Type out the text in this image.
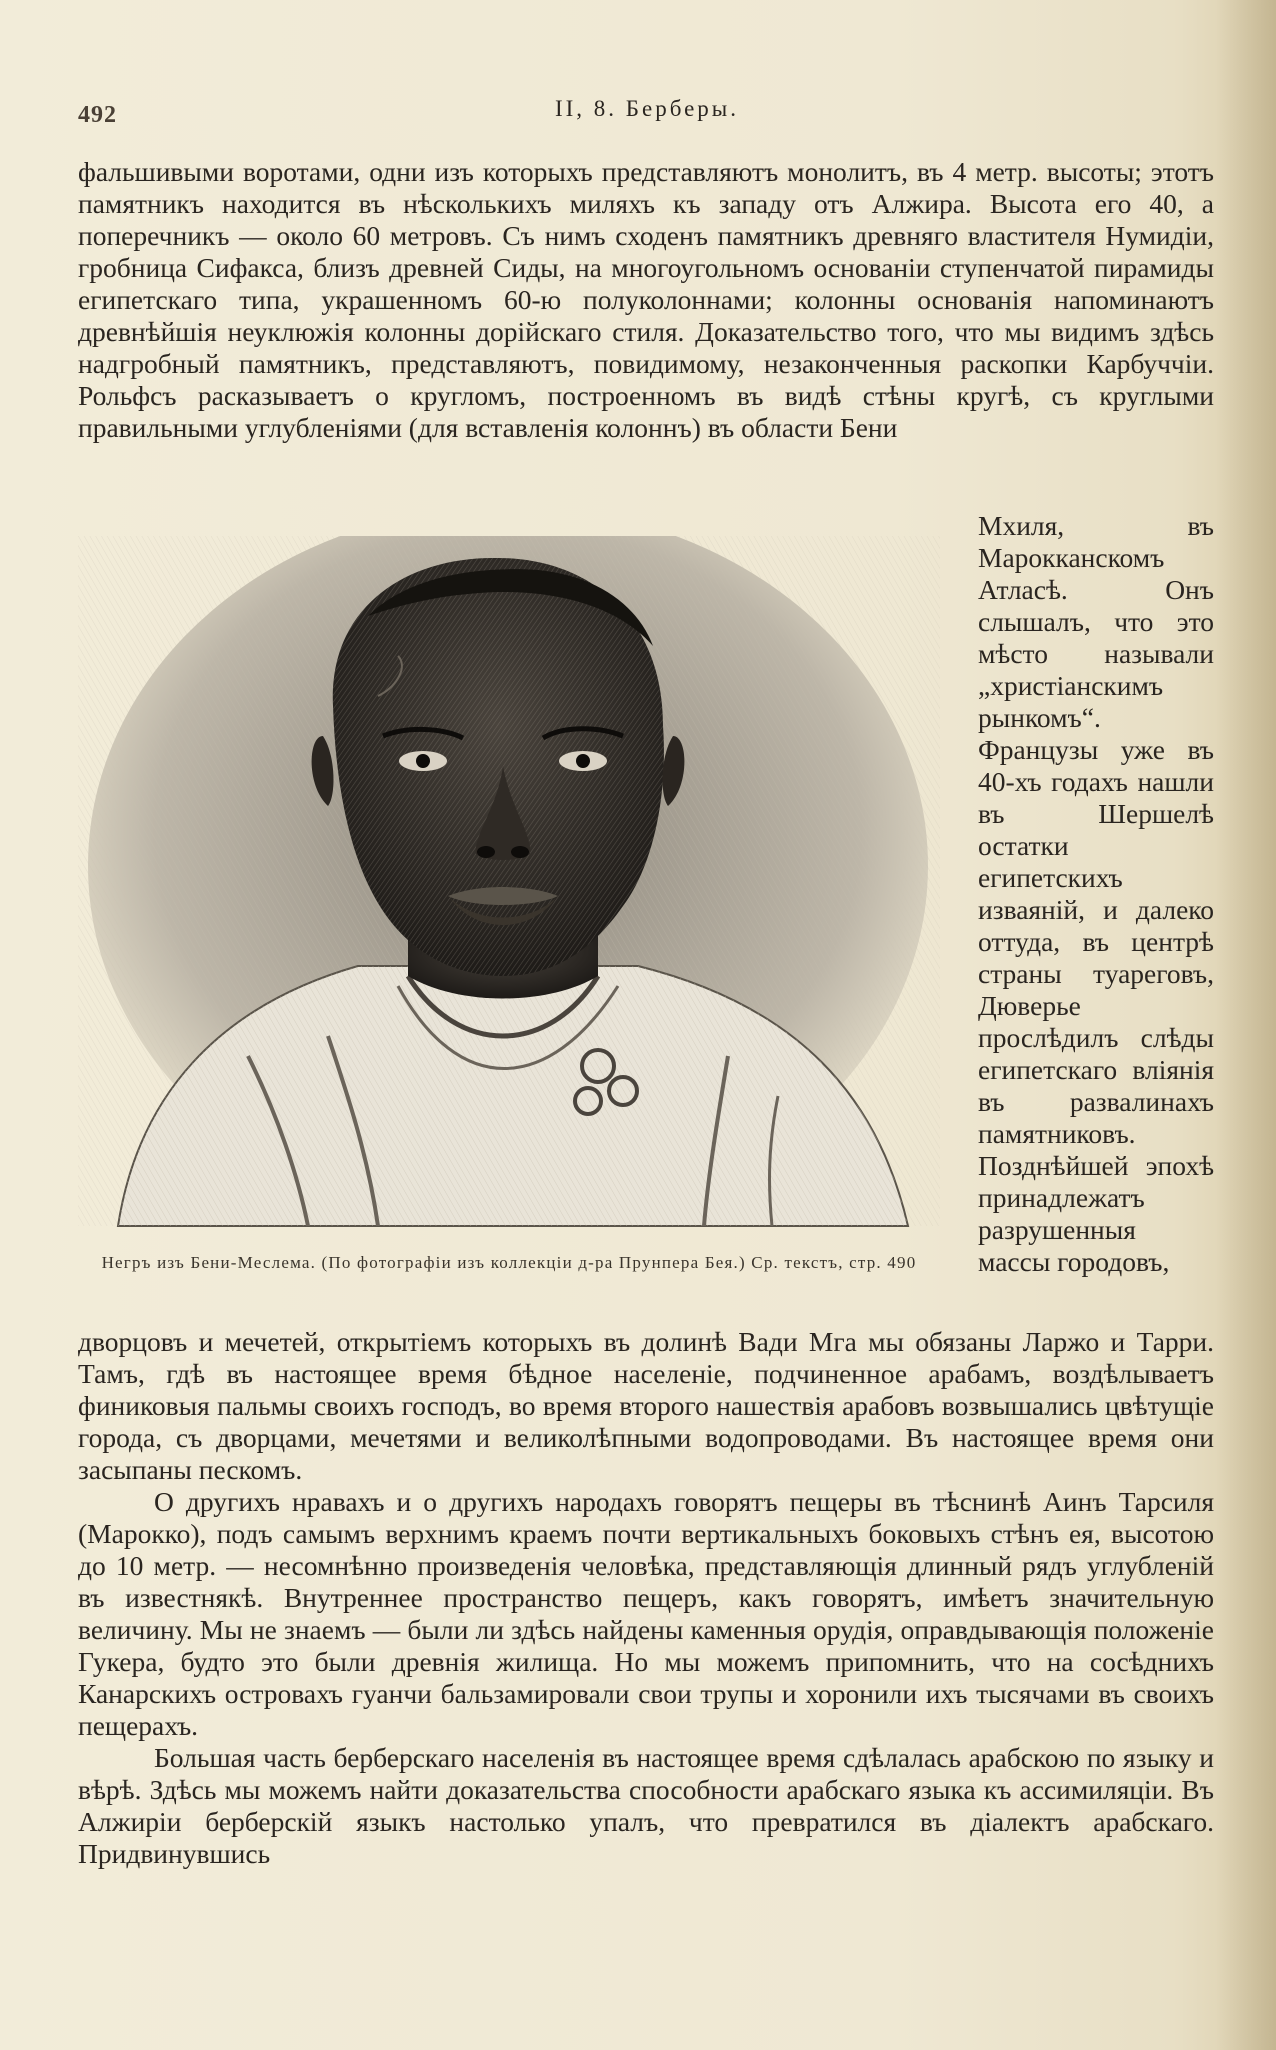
492	II, 8. Берберы.

фальшивыми воротами, одни изъ которыхъ представляютъ монолитъ, въ 4 метр. высоты; этотъ памятникъ находится въ нѣсколькихъ миляхъ къ западу отъ Алжира. Высота его 40, а поперечникъ — около 60 метровъ. Съ нимъ сходенъ памятникъ древняго властителя Нумидіи, гробница Сифакса, близъ древней Сиды, на многоугольномъ основаніи ступенчатой пирамиды египетскаго типа, украшенномъ 60-ю полуколоннами; колонны основанія напоминаютъ древнѣйшія неуклюжія колонны дорійскаго стиля. Доказательство того, что мы видимъ здѣсь надгробный памятникъ, представляютъ, повидимому, незаконченныя раскопки Карбуччіи. Рольфсъ расказываетъ о кругломъ, построенномъ въ видѣ стѣны кругѣ, съ круглыми правильными углубленіями (для вставленія колоннъ) въ области Бени

Негръ изъ Бени-Меслема. (По фотографіи изъ коллекціи д-ра Прунпера Бея.) Ср. текстъ, стр. 490

Мхиля, въ Марокканскомъ Атласѣ. Онъ слышалъ, что это мѣсто называли „христіанскимъ рынкомъ“. Французы уже въ 40-хъ годахъ нашли въ Шершелѣ остатки египетскихъ изваяній, и далеко оттуда, въ центрѣ страны туареговъ, Дюверье прослѣдилъ слѣды египетскаго вліянія въ развалинахъ памятниковъ. Позднѣйшей эпохѣ принадлежатъ разрушенныя массы городовъ,

дворцовъ и мечетей, открытіемъ которыхъ въ долинѣ Вади Мга мы обязаны Ларжо и Тарри. Тамъ, гдѣ въ настоящее время бѣдное населеніе, подчиненное арабамъ, воздѣлываетъ финиковыя пальмы своихъ господъ, во время второго нашествія арабовъ возвышались цвѣтущіе города, съ дворцами, мечетями и великолѣпными водопроводами. Въ настоящее время они засыпаны пескомъ.

О другихъ нравахъ и о другихъ народахъ говорятъ пещеры въ тѣснинѣ Аинъ Тарсиля (Марокко), подъ самымъ верхнимъ краемъ почти вертикальныхъ боковыхъ стѣнъ ея, высотою до 10 метр. — несомнѣнно произведенія человѣка, представляющія длинный рядъ углубленій въ известнякѣ. Внутреннее пространство пещеръ, какъ говорятъ, имѣетъ значительную величину. Мы не знаемъ — были ли здѣсь найдены каменныя орудія, оправдывающія положеніе Гукера, будто это были древнія жилища. Но мы можемъ припомнить, что на сосѣднихъ Канарскихъ островахъ гуанчи бальзамировали свои трупы и хоронили ихъ тысячами въ своихъ пещерахъ.

Большая часть берберскаго населенія въ настоящее время сдѣлалась арабскою по языку и вѣрѣ. Здѣсь мы можемъ найти доказательства способности арабскаго языка къ ассимиляціи. Въ Алжиріи берберскій языкъ настолько упалъ, что превратился въ діалектъ арабскаго. Придвинувшись
